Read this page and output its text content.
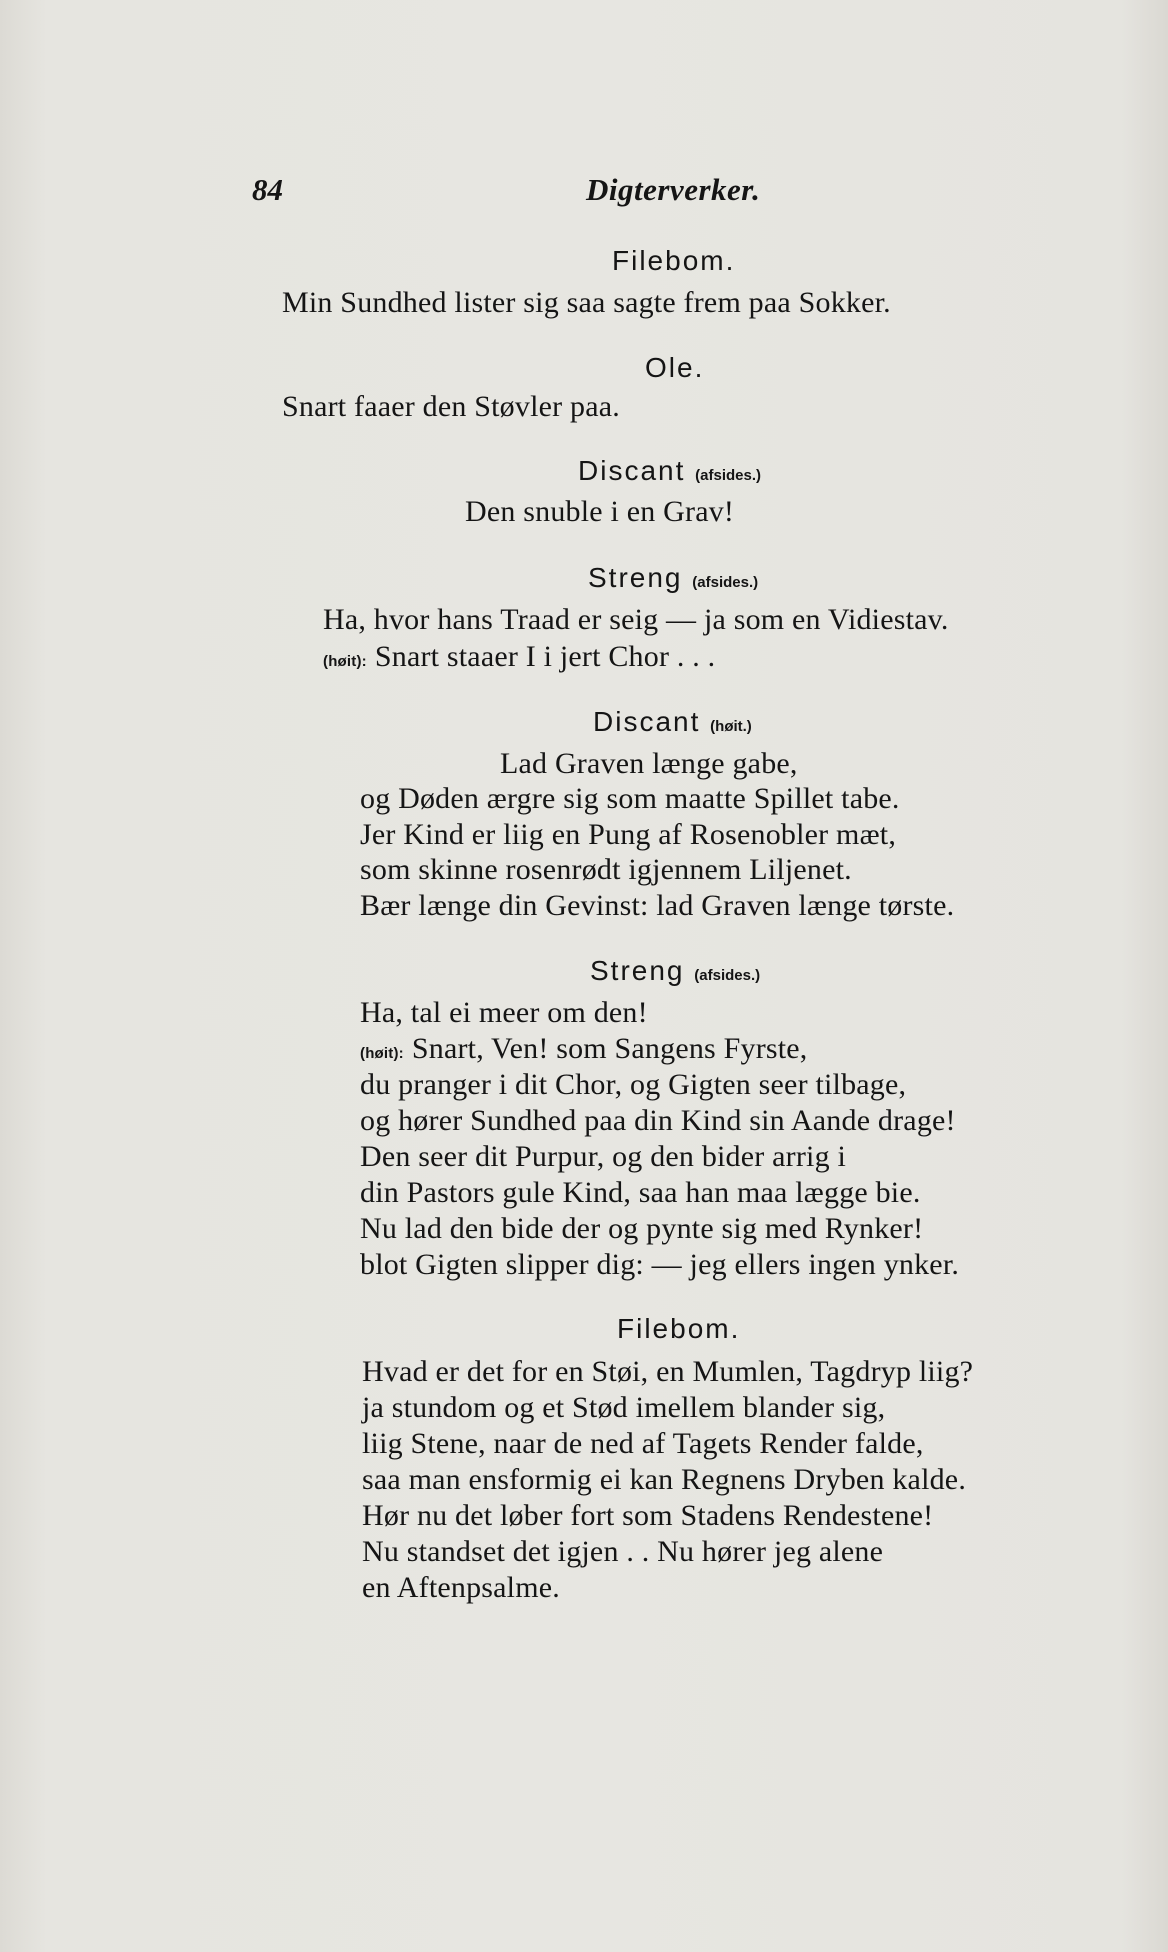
84	Digterverker.
Filebom.
Min Sundhed lister sig saa sagte frem paa Sokker.
Ole.
Snart faaer den Støvler paa.
Discant (afsides.)
Den snuble i en Grav!
Streng (afsides.)
Ha, hvor hans Traad er seig — ja som en Vidiestav.
(høit): Snart staaer I i jert Chor . . .
Discant (høit.)
Lad Graven længe gabe,
og Døden ærgre sig som maatte Spillet tabe.
Jer Kind er liig en Pung af Rosenobler mæt,
som skinne rosenrødt igjennem Liljenet.
Bær længe din Gevinst: lad Graven længe tørste.
Streng (afsides.)
Ha, tal ei meer om den!
(høit): Snart, Ven! som Sangens Fyrste,
du pranger i dit Chor, og Gigten seer tilbage,
og hører Sundhed paa din Kind sin Aande drage!
Den seer dit Purpur, og den bider arrig i
din Pastors gule Kind, saa han maa lægge bie.
Nu lad den bide der og pynte sig med Rynker!
blot Gigten slipper dig: — jeg ellers ingen ynker.
Filebom.
Hvad er det for en Støi, en Mumlen, Tagdryp liig?
ja stundom og et Stød imellem blander sig,
liig Stene, naar de ned af Tagets Render falde,
saa man ensformig ei kan Regnens Dryben kalde.
Hør nu det løber fort som Stadens Rendestene!
Nu standset det igjen . . Nu hører jeg alene
en Aftenpsalme.
